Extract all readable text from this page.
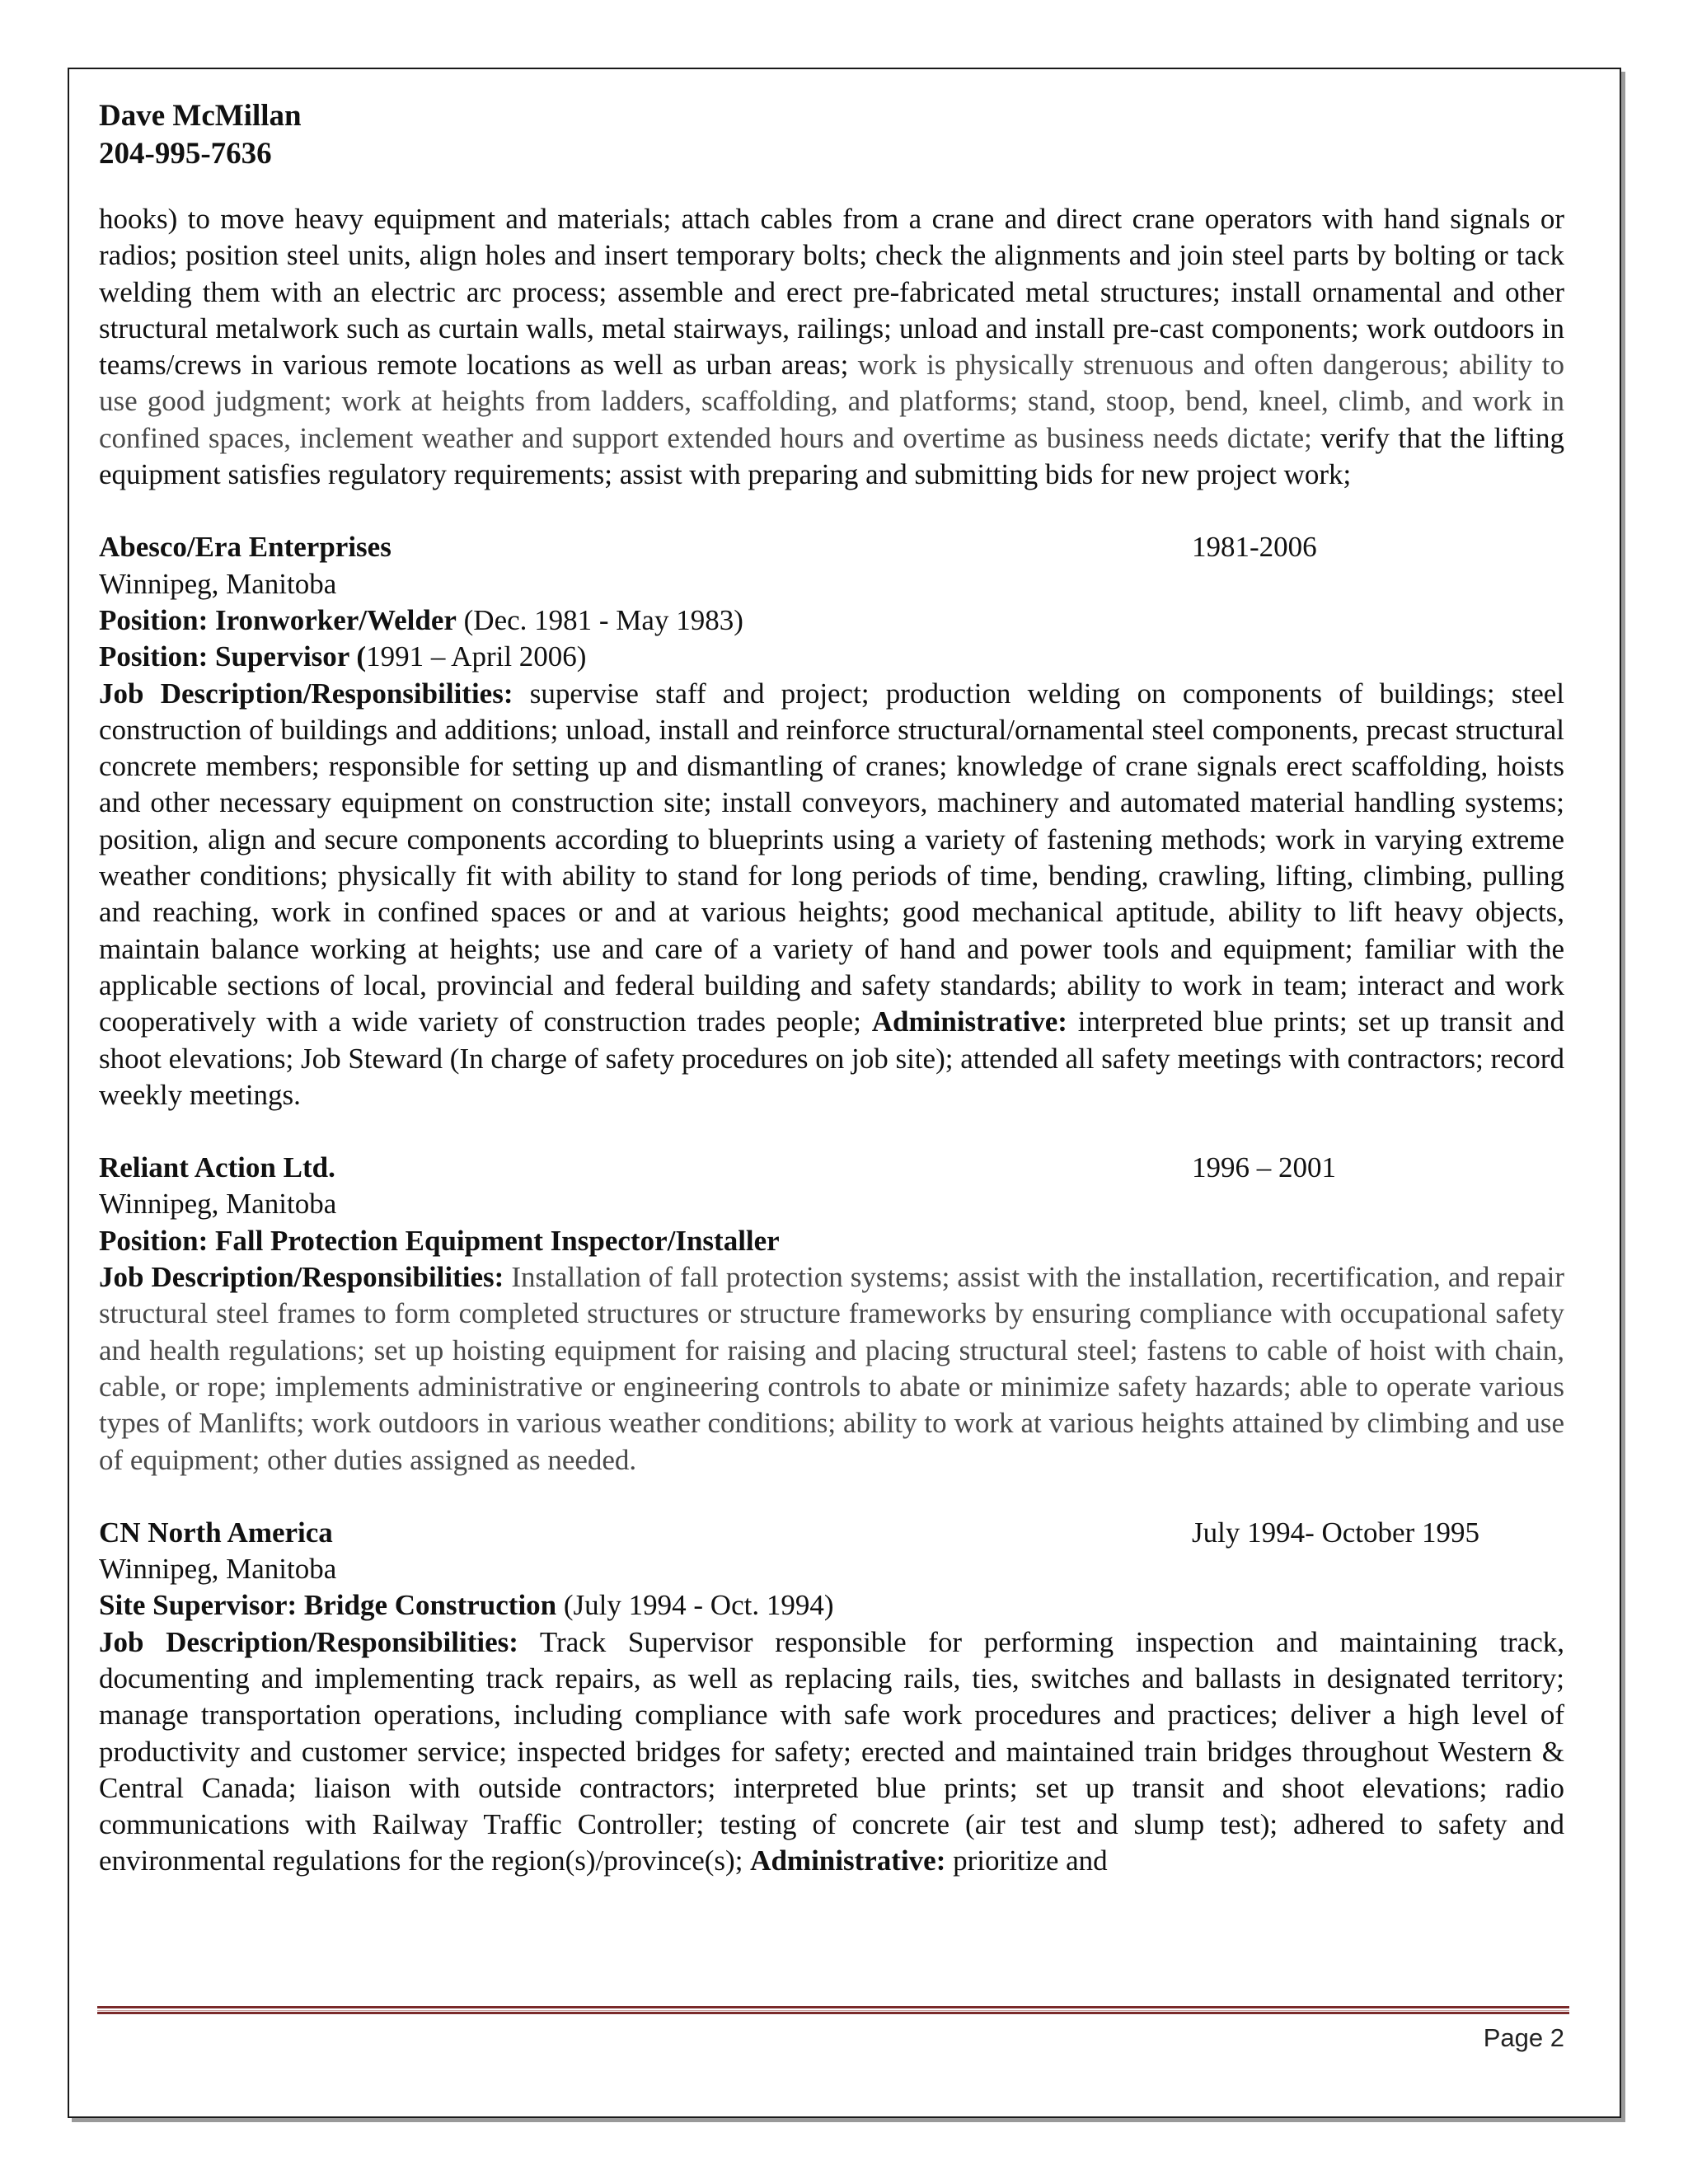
Dave McMillan
204-995-7636
hooks) to move heavy equipment and materials; attach cables from a crane and direct crane operators with hand signals or radios; position steel units, align holes and insert temporary bolts; check the alignments and join steel parts by bolting or tack welding them with an electric arc process; assemble and erect pre-fabricated metal structures; install ornamental and other structural metalwork such as curtain walls, metal stairways, railings; unload and install pre-cast components; work outdoors in teams/crews in various remote locations as well as urban areas; work is physically strenuous and often dangerous; ability to use good judgment; work at heights from ladders, scaffolding, and platforms; stand, stoop, bend, kneel, climb, and work in confined spaces, inclement weather and support extended hours and overtime as business needs dictate; verify that the lifting equipment satisfies regulatory requirements; assist with preparing and submitting bids for new project work;
Abesco/Era Enterprises	1981-2006
Winnipeg, Manitoba
Position: Ironworker/Welder (Dec. 1981 - May 1983)
Position: Supervisor (1991 – April 2006)
Job Description/Responsibilities: supervise staff and project; production welding on components of buildings; steel construction of buildings and additions; unload, install and reinforce structural/ornamental steel components, precast structural concrete members; responsible for setting up and dismantling of cranes; knowledge of crane signals erect scaffolding, hoists and other necessary equipment on construction site; install conveyors, machinery and automated material handling systems; position, align and secure components according to blueprints using a variety of fastening methods; work in varying extreme weather conditions; physically fit with ability to stand for long periods of time, bending, crawling, lifting, climbing, pulling and reaching, work in confined spaces or and at various heights; good mechanical aptitude, ability to lift heavy objects, maintain balance working at heights; use and care of a variety of hand and power tools and equipment; familiar with the applicable sections of local, provincial and federal building and safety standards; ability to work in team; interact and work cooperatively with a wide variety of construction trades people; Administrative: interpreted blue prints; set up transit and shoot elevations; Job Steward (In charge of safety procedures on job site); attended all safety meetings with contractors; record weekly meetings.
Reliant Action Ltd.	1996 – 2001
Winnipeg, Manitoba
Position: Fall Protection Equipment Inspector/Installer
Job Description/Responsibilities: Installation of fall protection systems; assist with the installation, recertification, and repair structural steel frames to form completed structures or structure frameworks by ensuring compliance with occupational safety and health regulations; set up hoisting equipment for raising and placing structural steel; fastens to cable of hoist with chain, cable, or rope; implements administrative or engineering controls to abate or minimize safety hazards; able to operate various types of Manlifts; work outdoors in various weather conditions; ability to work at various heights attained by climbing and use of equipment; other duties assigned as needed.
CN North America	July 1994- October 1995
Winnipeg, Manitoba
Site Supervisor: Bridge Construction (July 1994 - Oct. 1994)
Job Description/Responsibilities: Track Supervisor responsible for performing inspection and maintaining track, documenting and implementing track repairs, as well as replacing rails, ties, switches and ballasts in designated territory; manage transportation operations, including compliance with safe work procedures and practices; deliver a high level of productivity and customer service; inspected bridges for safety; erected and maintained train bridges throughout Western & Central Canada; liaison with outside contractors; interpreted blue prints; set up transit and shoot elevations; radio communications with Railway Traffic Controller; testing of concrete (air test and slump test); adhered to safety and environmental regulations for the region(s)/province(s); Administrative: prioritize and
Page 2
